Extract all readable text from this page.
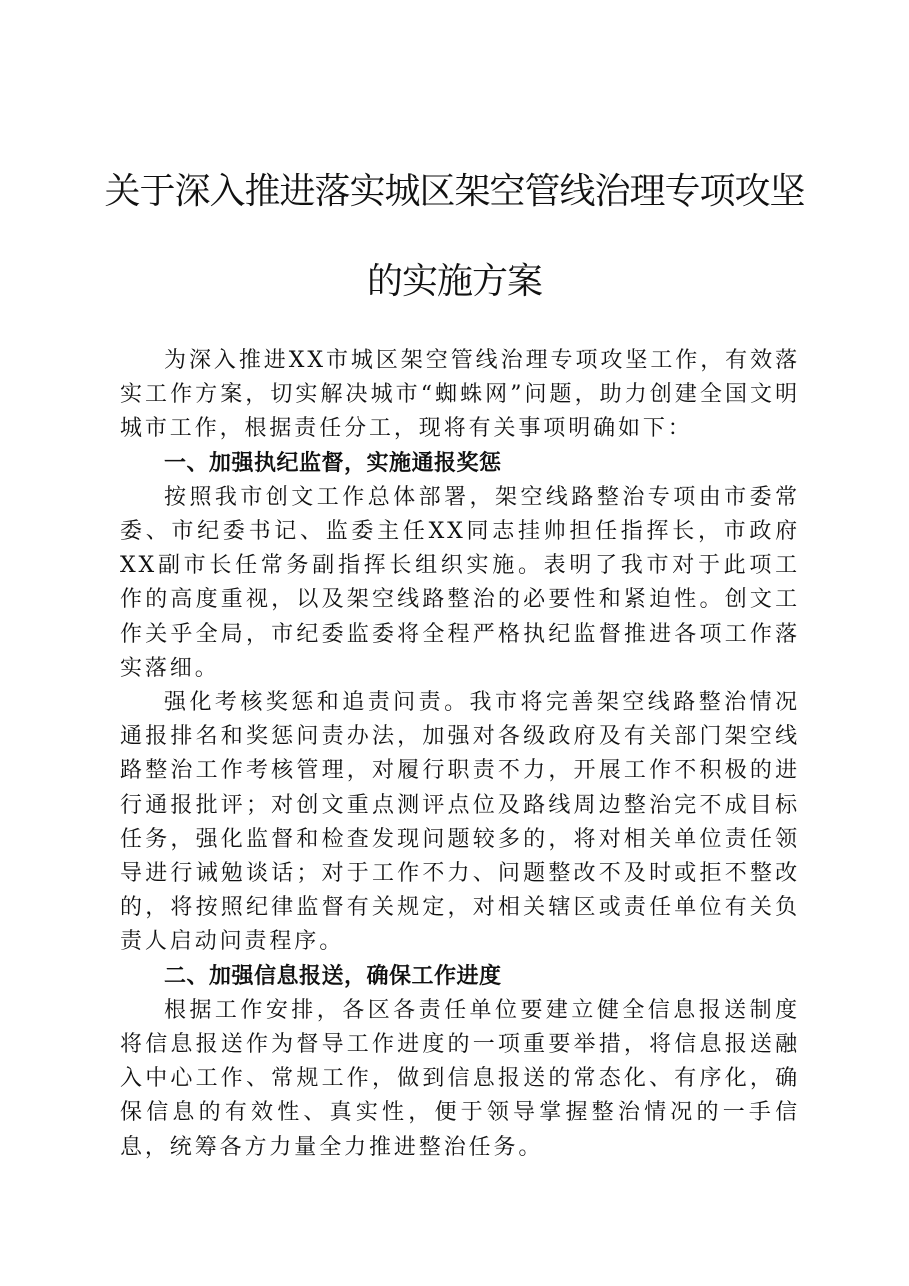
关于深入推进落实城区架空管线治理专项攻坚
的实施方案

为深入推进XX市城区架空管线治理专项攻坚工作，有效落实工作方案，切实解决城市“蜘蛛网”问题，助力创建全国文明城市工作，根据责任分工，现将有关事项明确如下：

一、加强执纪监督，实施通报奖惩

按照我市创文工作总体部署，架空线路整治专项由市委常委、市纪委书记、监委主任XX同志挂帅担任指挥长，市政府XX副市长任常务副指挥长组织实施。表明了我市对于此项工作的高度重视，以及架空线路整治的必要性和紧迫性。创文工作关乎全局，市纪委监委将全程严格执纪监督推进各项工作落实落细。

强化考核奖惩和追责问责。我市将完善架空线路整治情况通报排名和奖惩问责办法，加强对各级政府及有关部门架空线路整治工作考核管理，对履行职责不力，开展工作不积极的进行通报批评；对创文重点测评点位及路线周边整治完不成目标任务，强化监督和检查发现问题较多的，将对相关单位责任领导进行诫勉谈话；对于工作不力、问题整改不及时或拒不整改的，将按照纪律监督有关规定，对相关辖区或责任单位有关负责人启动问责程序。

二、加强信息报送，确保工作进度

根据工作安排，各区各责任单位要建立健全信息报送制度将信息报送作为督导工作进度的一项重要举措，将信息报送融入中心工作、常规工作，做到信息报送的常态化、有序化，确保信息的有效性、真实性，便于领导掌握整治情况的一手信息，统筹各方力量全力推进整治任务。
